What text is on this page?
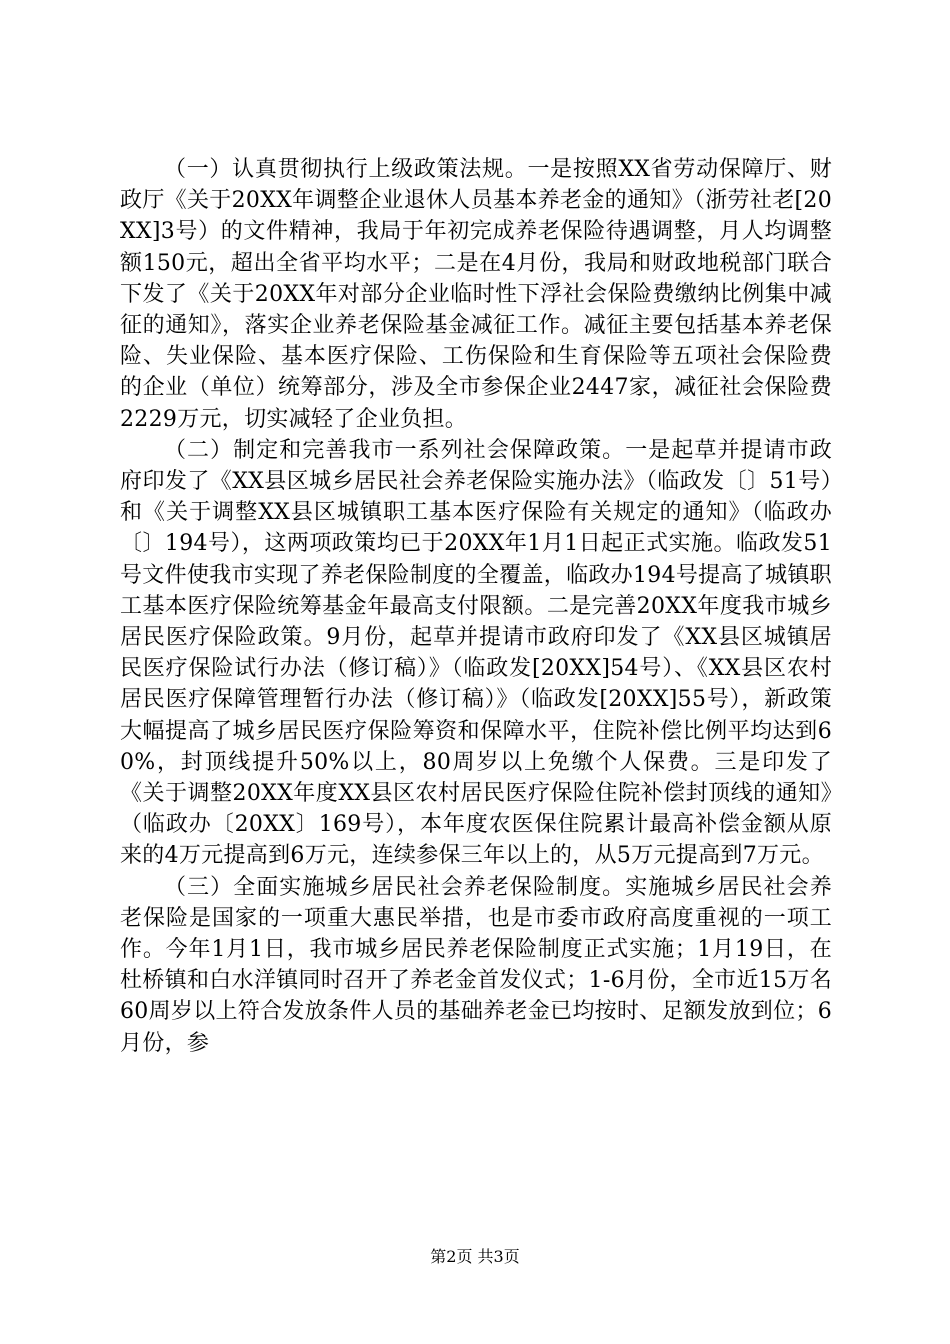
（一）认真贯彻执行上级政策法规。一是按照XX省劳动保障厅、财政厅《关于20XX年调整企业退休人员基本养老金的通知》（浙劳社老[20XX]3号）的文件精神，我局于年初完成养老保险待遇调整，月人均调整额150元，超出全省平均水平；二是在4月份，我局和财政地税部门联合下发了《关于20XX年对部分企业临时性下浮社会保险费缴纳比例集中减征的通知》，落实企业养老保险基金减征工作。减征主要包括基本养老保险、失业保险、基本医疗保险、工伤保险和生育保险等五项社会保险费的企业（单位）统筹部分，涉及全市参保企业2447家，减征社会保险费2229万元，切实减轻了企业负担。

（二）制定和完善我市一系列社会保障政策。一是起草并提请市政府印发了《XX县区城乡居民社会养老保险实施办法》（临政发〔〕51号）和《关于调整XX县区城镇职工基本医疗保险有关规定的通知》（临政办〔〕194号），这两项政策均已于20XX年1月1日起正式实施。临政发51号文件使我市实现了养老保险制度的全覆盖，临政办194号提高了城镇职工基本医疗保险统筹基金年最高支付限额。二是完善20XX年度我市城乡居民医疗保险政策。9月份，起草并提请市政府印发了《XX县区城镇居民医疗保险试行办法（修订稿）》（临政发[20XX]54号）、《XX县区农村居民医疗保障管理暂行办法（修订稿）》（临政发[20XX]55号），新政策大幅提高了城乡居民医疗保险筹资和保障水平，住院补偿比例平均达到60%，封顶线提升50%以上，80周岁以上免缴个人保费。三是印发了《关于调整20XX年度XX县区农村居民医疗保险住院补偿封顶线的通知》（临政办〔20XX〕169号），本年度农医保住院累计最高补偿金额从原来的4万元提高到6万元，连续参保三年以上的，从5万元提高到7万元。

（三）全面实施城乡居民社会养老保险制度。实施城乡居民社会养老保险是国家的一项重大惠民举措，也是市委市政府高度重视的一项工作。今年1月1日，我市城乡居民养老保险制度正式实施；1月19日，在杜桥镇和白水洋镇同时召开了养老金首发仪式；1-6月份，全市近15万名60周岁以上符合发放条件人员的基础养老金已均按时、足额发放到位；6月份，参

第2页 共3页
